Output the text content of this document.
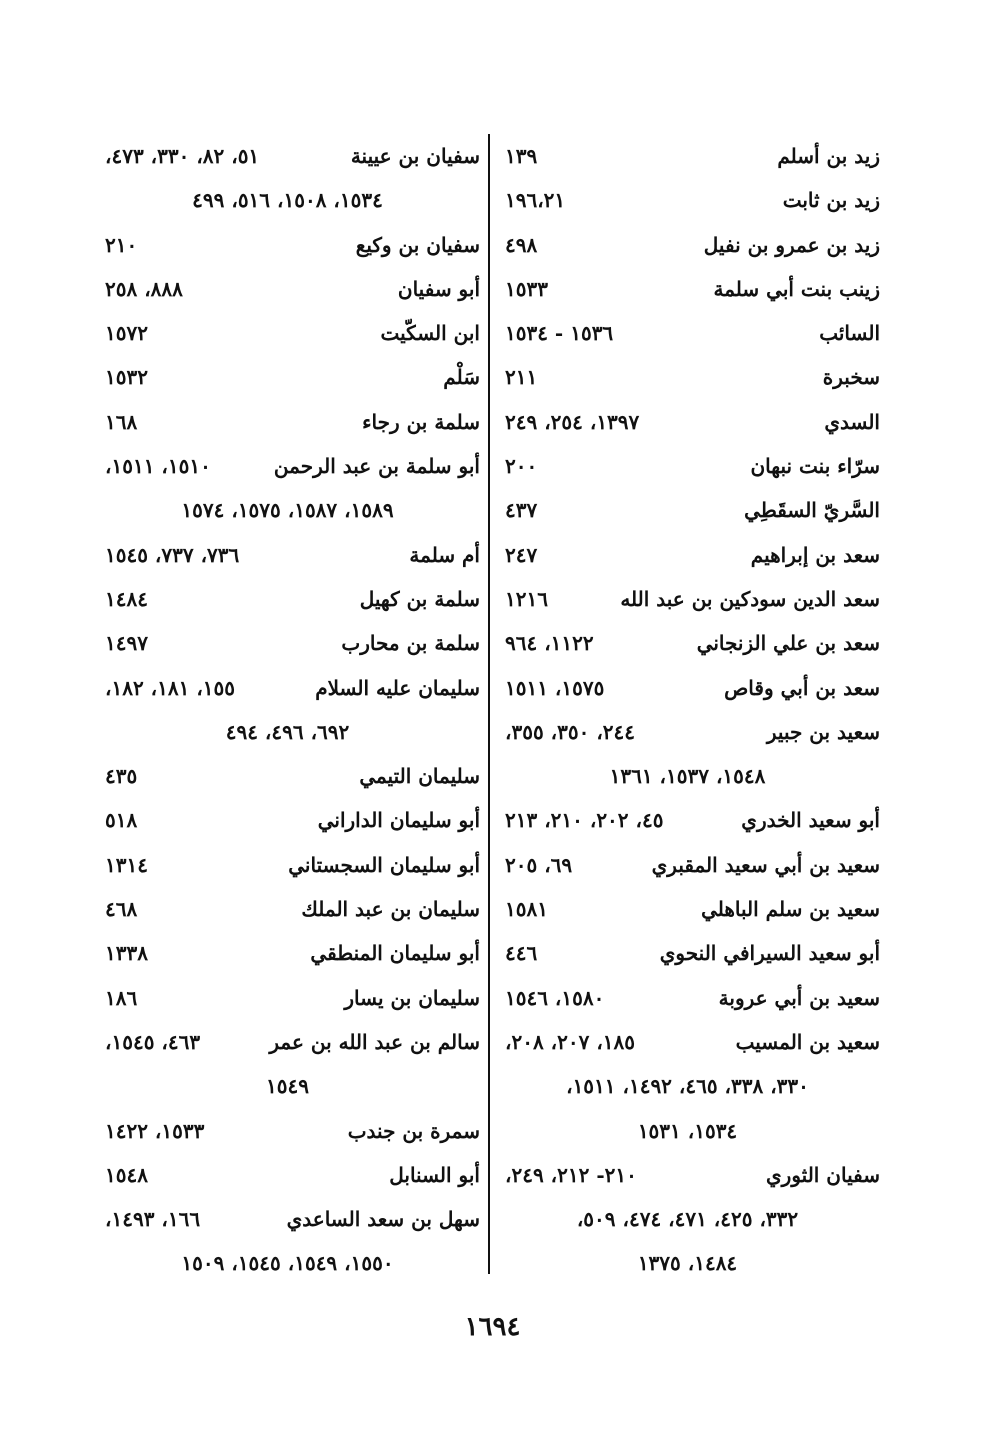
زيد بن أسلم
١٣٩
زيد بن ثابت
١٩٦،٢١
زيد بن عمرو بن نفيل
٤٩٨
زينب بنت أبي سلمة
١٥٣٣
السائب
١٥٣٦ - ١٥٣٤
سخبرة
٢١١
السدي
١٣٩٧، ٢٥٤، ٢٤٩
سرّاء بنت نبهان
٢٠٠
السَّريّ السقَطِي
٤٣٧
سعد بن إبراهيم
٢٤٧
سعد الدين سودكين بن عبد الله
١٢١٦
سعد بن علي الزنجاني
١١٢٢، ٩٦٤
سعد بن أبي وقاص
١٥٧٥، ١٥١١
سعيد بن جبير
٢٤٤، ٣٥٠، ٣٥٥،
١٥٤٨، ١٥٣٧، ١٣٦١
أبو سعيد الخدري
٤٥، ٢٠٢، ٢١٠، ٢١٣
سعيد بن أبي سعيد المقبري
٦٩، ٢٠٥
سعيد بن سلم الباهلي
١٥٨١
أبو سعيد السيرافي النحوي
٤٤٦
سعيد بن أبي عروبة
١٥٨٠، ١٥٤٦
سعيد بن المسيب
١٨٥، ٢٠٧، ٢٠٨،
٣٣٠، ٣٣٨، ٤٦٥، ١٤٩٢، ١٥١١،
١٥٣٤، ١٥٣١
سفيان الثوري
٢١٠- ٢١٢، ٢٤٩،
٣٣٢، ٤٢٥، ٤٧١، ٤٧٤، ٥٠٩،
١٤٨٤، ١٣٧٥
سفيان بن عيينة
٥١، ٨٢، ٣٣٠، ٤٧٣،
١٥٣٤، ١٥٠٨، ٥١٦، ٤٩٩
سفيان بن وكيع
٢١٠
أبو سفيان
٨٨٨، ٢٥٨
ابن السكّيت
١٥٧٢
سَلْم
١٥٣٢
سلمة بن رجاء
١٦٨
أبو سلمة بن عبد الرحمن
١٥١٠، ١٥١١،
١٥٨٩، ١٥٨٧، ١٥٧٥، ١٥٧٤
أم سلمة
٧٣٦، ٧٣٧، ١٥٤٥
سلمة بن كهيل
١٤٨٤
سلمة بن محارب
١٤٩٧
سليمان عليه السلام
١٥٥، ١٨١، ١٨٢،
٦٩٢، ٤٩٦، ٤٩٤
سليمان التيمي
٤٣٥
أبو سليمان الداراني
٥١٨
أبو سليمان السجستاني
١٣١٤
سليمان بن عبد الملك
٤٦٨
أبو سليمان المنطقي
١٣٣٨
سليمان بن يسار
١٨٦
سالم بن عبد الله بن عمر
٤٦٣، ١٥٤٥،
١٥٤٩
سمرة بن جندب
١٥٣٣، ١٤٢٢
أبو السنابل
١٥٤٨
سهل بن سعد الساعدي
١٦٦، ١٤٩٣،
١٥٥٠، ١٥٤٩، ١٥٤٥، ١٥٠٩
١٦٩٤
